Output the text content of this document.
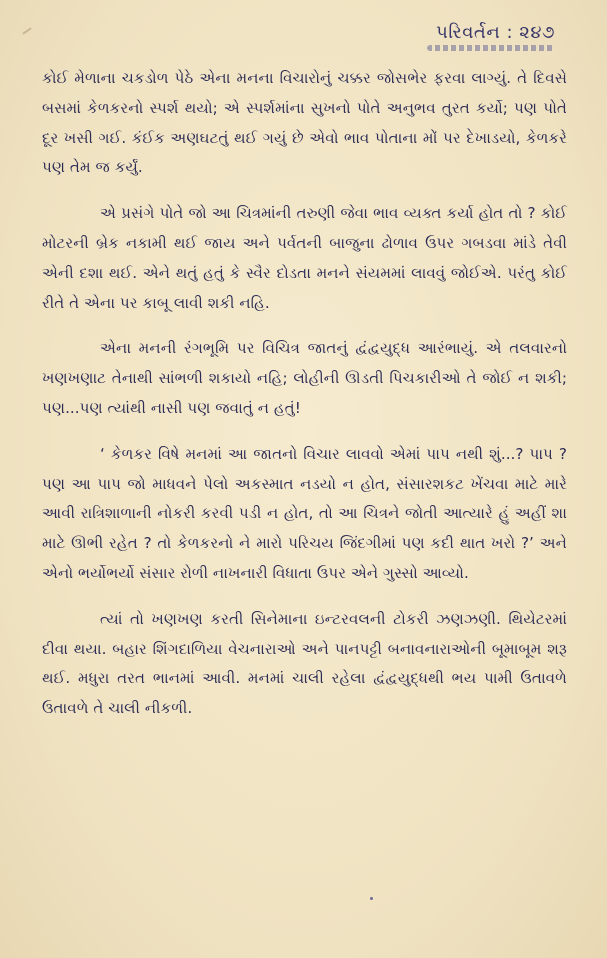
પરિવર્તન : ૨૪૭

કોઈ મેળાના ચકડોળ પેઠે એના મનના વિચારોનું ચક્કર જોસભેર ફરવા લાગ્યું. તે દિવસે બસમાં કેળકરનો સ્પર્શ થયો; એ સ્પર્શમાંના સુખનો પોતે અનુભવ તુરત કર્યો; પણ પોતે દૂર ખસી ગઈ. કંઈક અણઘટતું થઈ ગયું છે એવો ભાવ પોતાના મોં પર દેખાડયો, કેળકરે પણ તેમ જ કર્યું.

એ પ્રસંગે પોતે જો આ ચિત્રમાંની તરુણી જેવા ભાવ વ્યક્ત કર્યા હોત તો ? કોઈ મોટરની બ્રેક નકામી થઈ જાય અને પર્વતની બાજુના ઢોળાવ ઉપર ગબડવા માંડે તેવી એની દશા થઈ. એને થતું હતું કે સ્વૈર દોડતા મનને સંયમમાં લાવવું જોઈએ. પરંતુ કોઈ રીતે તે એના પર કાબૂ લાવી શકી નહિ.

એના મનની રંગભૂમિ પર વિચિત્ર જાતનું દ્વંદ્વયુદ્ધ આરંભાયું. એ તલવારનો ખણખણાટ તેનાથી સાંભળી શકાયો નહિ; લોહીની ઊડતી પિચકારીઓ તે જોઈ ન શકી; પણ...પણ ત્યાંથી નાસી પણ જવાતું ન હતું!

‘ કેળકર વિષે મનમાં આ જાતનો વિચાર લાવવો એમાં પાપ નથી શું...? પાપ ? પણ આ પાપ જો માધવને પેલો અકસ્માત નડયો ન હોત, સંસારશકટ ખેંચવા માટે મારે આવી રાત્રિશાળાની નોકરી કરવી પડી ન હોત, તો આ ચિત્રને જોતી આત્યારે હું અહીં શા માટે ઊભી રહેત ? તો કેળકરનો ને મારો પરિચય જિંદગીમાં પણ કદી થાત ખરો ?’ અને એનો ભર્યોભર્યો સંસાર રોળી નાખનારી વિધાતા ઉપર એને ગુસ્સો આવ્યો.

ત્યાં તો ખણખણ કરતી સિનેમાના ઇન્ટરવલની ટોકરી ઝણઝણી. થિયેટરમાં દીવા થયા. બહાર શિંગદાળિયા વેચનારાઓ અને પાનપટ્ટી બનાવનારાઓની બૂમાબૂમ શરૂ થઈ. મધુરા તરત ભાનમાં આવી. મનમાં ચાલી રહેલા દ્વંદ્વયુદ્ધથી ભય પામી ઉતાવળે ઉતાવળે તે ચાલી નીકળી.
